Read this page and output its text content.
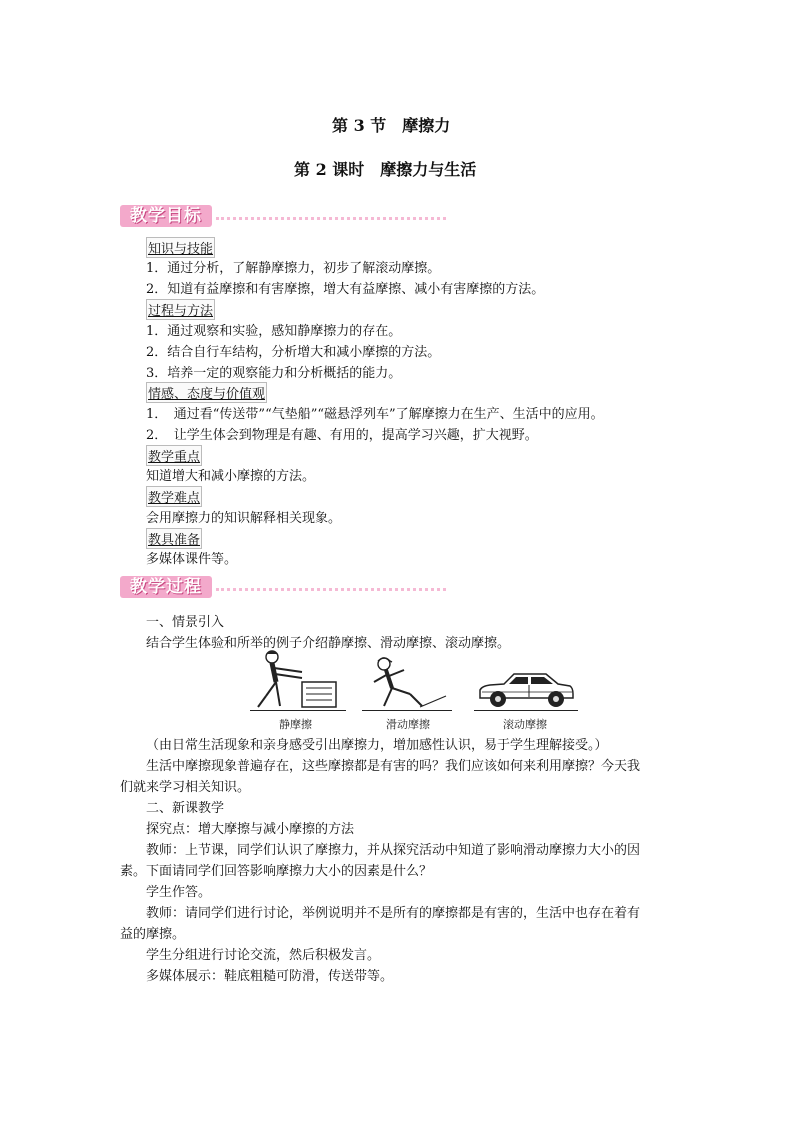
第 3 节　摩擦力
第 2 课时　摩擦力与生活
教学目标
知识与技能
1．通过分析，了解静摩擦力，初步了解滚动摩擦。
2．知道有益摩擦和有害摩擦，增大有益摩擦、减小有害摩擦的方法。
过程与方法
1．通过观察和实验，感知静摩擦力的存在。
2．结合自行车结构，分析增大和减小摩擦的方法。
3．培养一定的观察能力和分析概括的能力。
情感、态度与价值观
1．　通过看“传送带”“气垫船”“磁悬浮列车”了解摩擦力在生产、生活中的应用。
2．　让学生体会到物理是有趣、有用的，提高学习兴趣，扩大视野。
教学重点
知道增大和减小摩擦的方法。
教学难点
会用摩擦力的知识解释相关现象。
教具准备
多媒体课件等。
教学过程
一、情景引入
结合学生体验和所举的例子介绍静摩擦、滑动摩擦、滚动摩擦。
静摩擦	滑动摩擦	滚动摩擦
（由日常生活现象和亲身感受引出摩擦力，增加感性认识，易于学生理解接受。）
生活中摩擦现象普遍存在，这些摩擦都是有害的吗？我们应该如何来利用摩擦？今天我
们就来学习相关知识。
二、新课教学
探究点：增大摩擦与减小摩擦的方法
教师：上节课，同学们认识了摩擦力，并从探究活动中知道了影响滑动摩擦力大小的因
素。下面请同学们回答影响摩擦力大小的因素是什么？
学生作答。
教师：请同学们进行讨论，举例说明并不是所有的摩擦都是有害的，生活中也存在着有
益的摩擦。
学生分组进行讨论交流，然后积极发言。
多媒体展示：鞋底粗糙可防滑，传送带等。
